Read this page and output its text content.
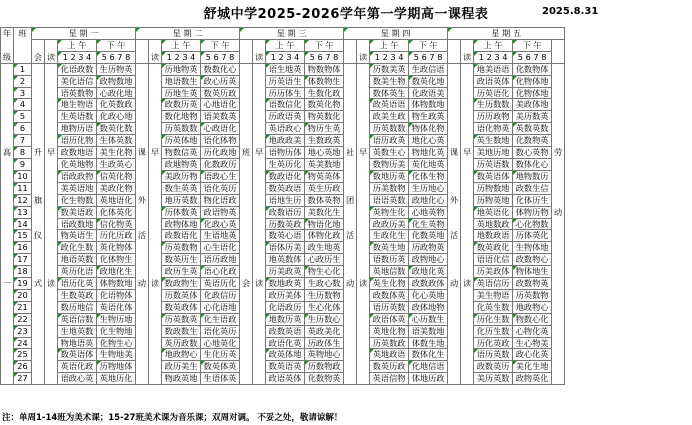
舒城中学2025-2026学年第一学期高一课程表	2025.8.31
年	班	星 期 一				星 期 二				星 期 三				星 期 四				星 期 五				
				上 午	下 午			上 午	下 午			上 午	下 午			上 午	下 午			上 午	下 午	
级		会	读	1 2 3 4	5 6 7 8		读	1 2 3 4	5 6 7 8		读	1 2 3 4	5 6 7 8		读	1 2 3 4	5 6 7 8		读	1 2 3 4	5 6 7 8	
	1			化语政数	生历物英			历地物英	数数化心			语生地英	物数物体			历数美英	生政信语			地美语语	化数物体	
	2			美化语信	政物数地			地语数生	政心历英			历英语生	体数物生			数美生物	数英化地			政语英体	化物体地	
	3			语英数物	心政化地			历地生英	数英历政			历历体生	生数化政			数体英生	化政语美			历英语化	化物体地	
	4			地生物语	化英数政			政数历英	心地语化			语数信化	数英化物			政英语语	体物数地			生历数数	美政体地	
	5			生英语数	化政心地			数化地物	语美数英			历政语英	物英数化			政美生政	物生政英			历历政物	美历数英	
	6			地物历语	数英化数			历英数数	心政语化			英语政心	物历生英			历英数数	物体化物			语化物英	英数英数	
	7			语历化物	生体英数			历英体地	语化体物			地政政美	生数政英			语历政英	地化心英			英生数地	化数物英	
高	8	升	早	政数地语	美生化物	课	早	物数信英	历化政地	班	早	语物历体	地心英地	社	早	英数生心	物地化英	课	早	美地历地	数心英物	劳
	9			化英地物	生政英心			政地物英	化数政历			生英历化	英美数地			数物历美	英化地英			历英语数	数体化心	
	10			语政政物	信英化物			美政历物	语政心生			数政语化	物英英体			数地历英	化体生物			数英语体	地物数历	
	11			美英语地	美政化物			数生英英	语化英历			数英政语	英生历政			历美数物	生历地心			历物数地	政数生信	
	12	旗		化生物数	英地语化	外		地历英数	物化语政			语地生历	数体英物	团		语语英数	政地化心	外		历物英地	化体历生	
	13			数美语政	化体英化			历体数英	政语物英			政数语历	美数化生			英物生化	心地英物			地英语化	体物历物	动
	14			语政数地	信化物英			政物体地	化政心英			历数英政	物语化地			政政历美	化生英物			英地数政	心化物数	
	15	仪		物英语生	历化历政	活		政数语化	生语地英			数英心语	体物化政	活		生政化生	化数英地	活		地数政语	历体英化	
	16			政化生数	英化物体			历英数物	心生语化			语体历美	政生地英			数英生地	历政物英			数英政化	生物体地	
	17			地语英数	化体物生			数英历生	语历政地			地英数体	心政历生			语数历英	政物地心			语语化信	政数物心	
	18			英历化语	政地化生			政历生英	语心化政			历美政英	物生心化			英地信数	政地化英			历美政体	物体地生	
一	19	式	读	语历化英	体物数地	动	读	数政物生	英语历化	会	读	数地政英	生政心数	动	读	英生化物	政数政体	动	读	英语信历	政数物英	
	20			生数英政	化语物体			历数英体	化政信历			政历美体	生历数物			政数体英	化心英地			美生物语	历英数物	
	21			数历地信	英语化体			数英政体	心化语地			化语政历	生心化体			语历英数	政体地物			化英生数	地政物心	
	22			英语信数	生物历地			历英数英	化生语政			地数历英	生历数心			政语体英	心历数生			历化生数	物数心化	
	23			生地英数	化生物地			数政数生	语化英历			政数英语	英政美化			英地化物	语美数地			化历生数	心物化英	
	24			物地语英	化物生心			英历政数	心地英化			政语化英	历政体生			历英数政	体数生地			历化英政	生心物美	
	25			数英语体	生物地美			地政物心	生化历英			政英体地	英物地心			英地政语	数体化生			语历英数	政心化英	
	26			英语化政	历物地体			政历美生	数英体英			数英语英	历数物政			数英历政	化地信语			政数英历	美化生地	
	27			语政心英	英地历化			物政英地	生语体英			政语英体	化数物英			英语信物	体地历政			美历英数	政物英化	
注：单周1-14班为美术课；15-27班美术课为音乐课；双周对调。 不妥之处，敬请谅解！
